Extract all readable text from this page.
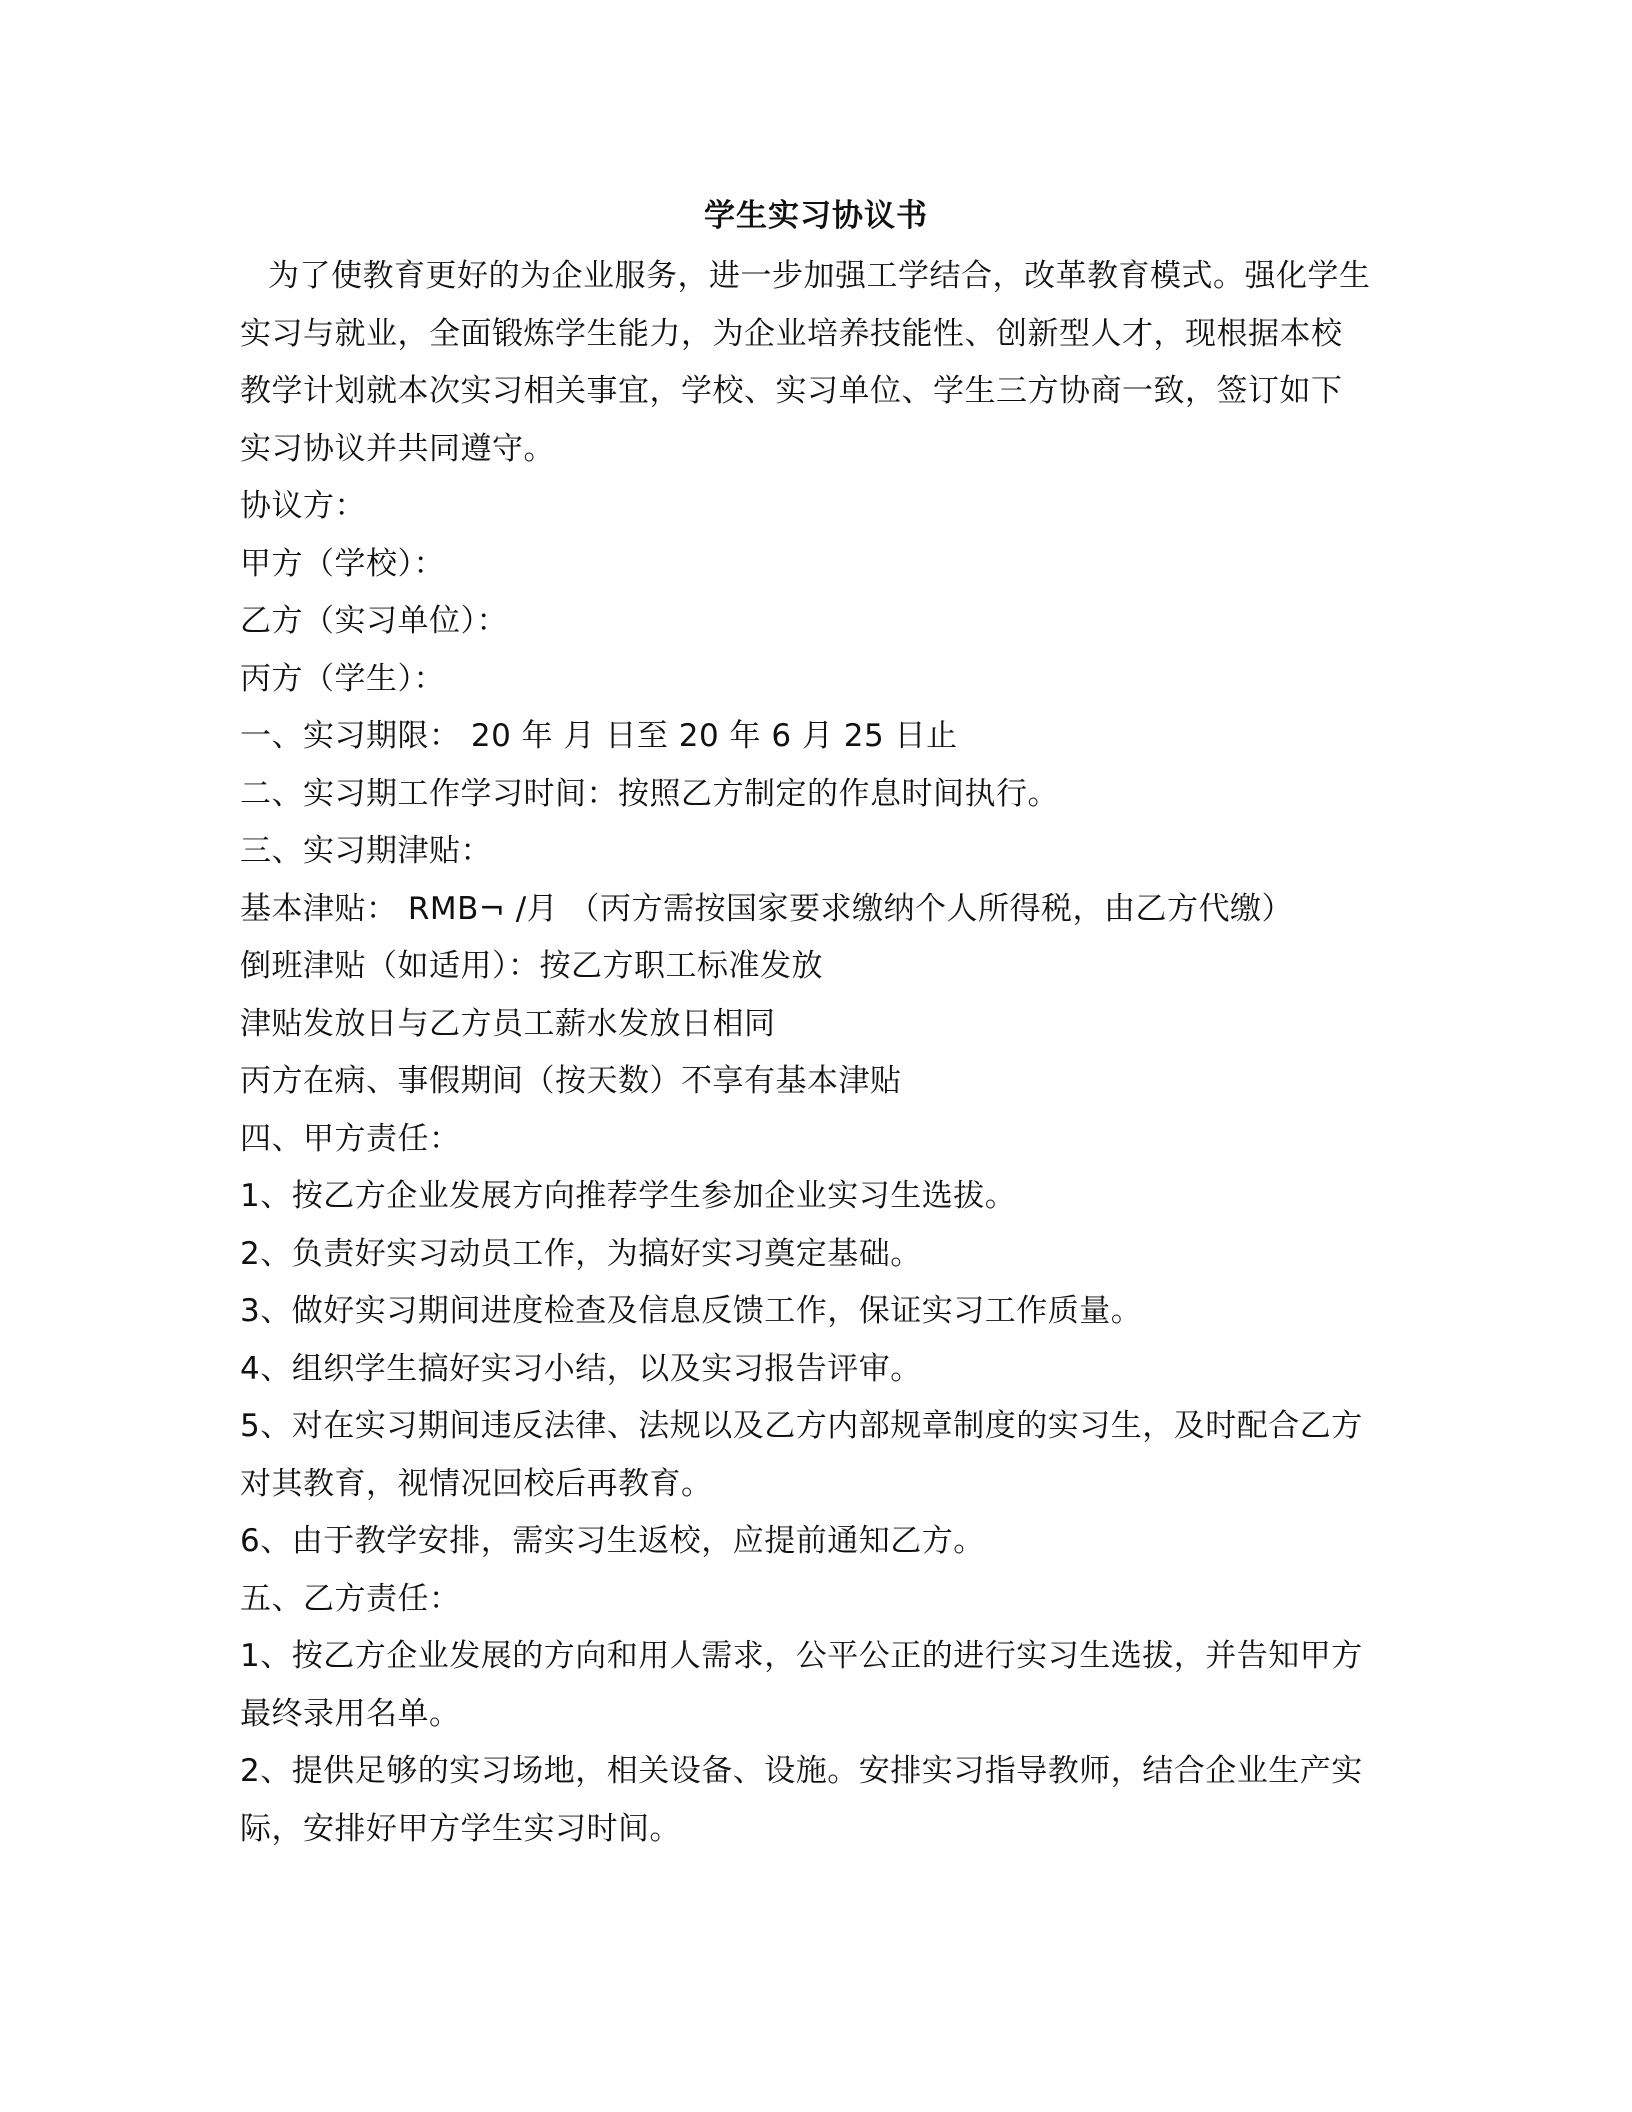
学生实习协议书
为了使教育更好的为企业服务，进一步加强工学结合，改革教育模式。强化学生
实习与就业，全面锻炼学生能力，为企业培养技能性、创新型人才，现根据本校
教学计划就本次实习相关事宜，学校、实习单位、学生三方协商一致，签订如下
实习协议并共同遵守。
协议方：
甲方（学校）：
乙方（实习单位）：
丙方（学生）：
一、实习期限： 20 年 月 日至 20 年 6 月 25 日止
二、实习期工作学习时间：按照乙方制定的作息时间执行。
三、实习期津贴：
基本津贴： RMB¬ /月 （丙方需按国家要求缴纳个人所得税，由乙方代缴）
倒班津贴（如适用）：按乙方职工标准发放
津贴发放日与乙方员工薪水发放日相同
丙方在病、事假期间（按天数）不享有基本津贴
四、甲方责任：
1、按乙方企业发展方向推荐学生参加企业实习生选拔。
2、负责好实习动员工作，为搞好实习奠定基础。
3、做好实习期间进度检查及信息反馈工作，保证实习工作质量。
4、组织学生搞好实习小结，以及实习报告评审。
5、对在实习期间违反法律、法规以及乙方内部规章制度的实习生，及时配合乙方
对其教育，视情况回校后再教育。
6、由于教学安排，需实习生返校，应提前通知乙方。
五、乙方责任：
1、按乙方企业发展的方向和用人需求，公平公正的进行实习生选拔，并告知甲方
最终录用名单。
2、提供足够的实习场地，相关设备、设施。安排实习指导教师，结合企业生产实
际，安排好甲方学生实习时间。
